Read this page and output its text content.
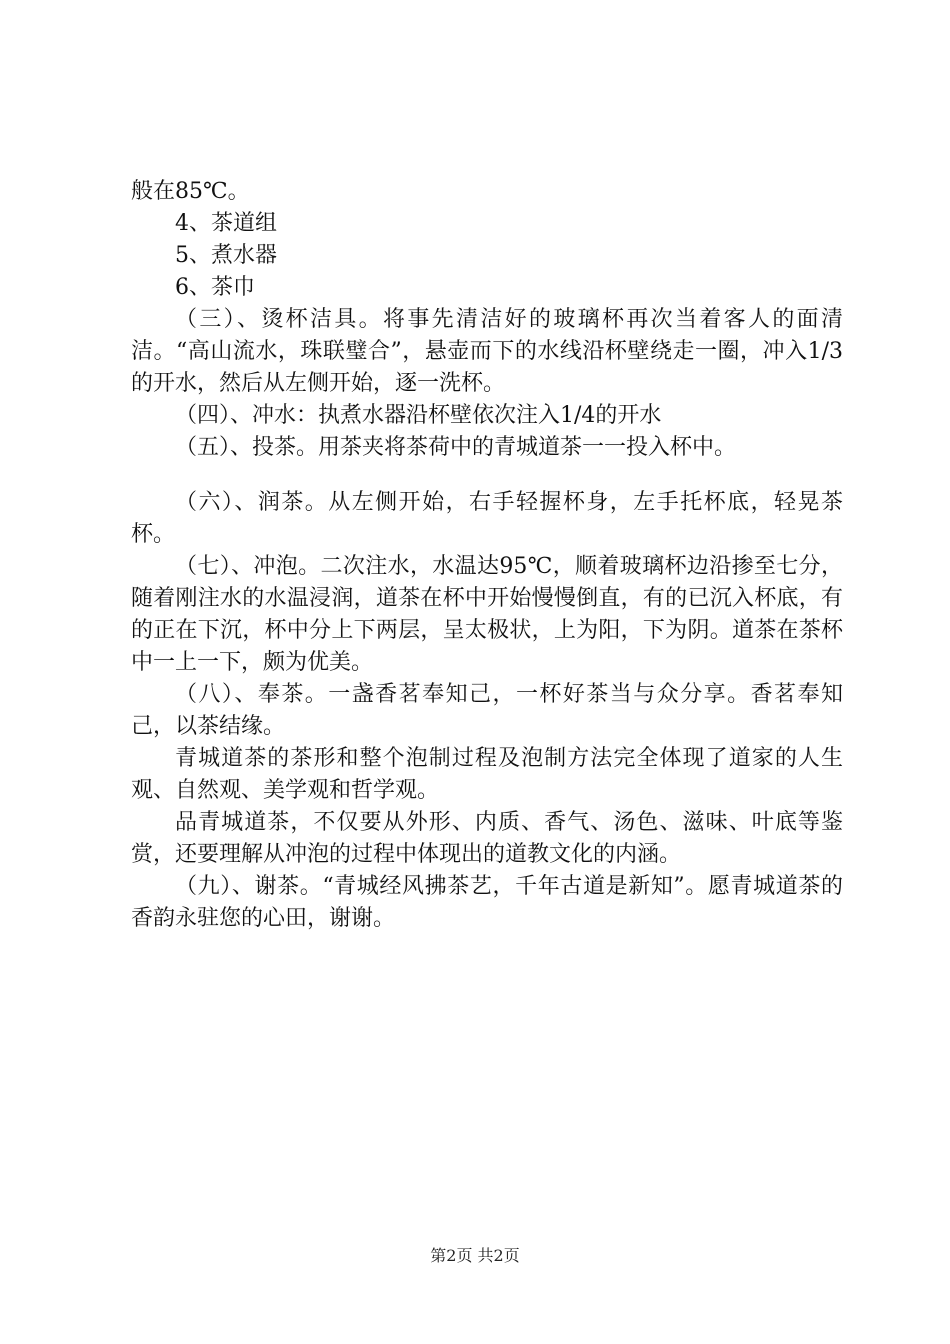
般在85℃。

4、茶道组

5、煮水器

6、茶巾

（三）、烫杯洁具。将事先清洁好的玻璃杯再次当着客人的面清洁。“高山流水，珠联璧合”，悬壶而下的水线沿杯壁绕走一圈，冲入1/3的开水，然后从左侧开始，逐一洗杯。

（四）、冲水：执煮水器沿杯壁依次注入1/4的开水

（五）、投茶。用茶夹将茶荷中的青城道茶一一投入杯中。

（六）、润茶。从左侧开始，右手轻握杯身，左手托杯底，轻晃茶杯。

（七）、冲泡。二次注水，水温达95℃，顺着玻璃杯边沿掺至七分，随着刚注水的水温浸润，道茶在杯中开始慢慢倒直，有的已沉入杯底，有的正在下沉，杯中分上下两层，呈太极状，上为阳，下为阴。道茶在茶杯中一上一下，颇为优美。

（八）、奉茶。一盏香茗奉知己，一杯好茶当与众分享。香茗奉知己，以茶结缘。

青城道茶的茶形和整个泡制过程及泡制方法完全体现了道家的人生观、自然观、美学观和哲学观。

品青城道茶，不仅要从外形、内质、香气、汤色、滋味、叶底等鉴赏，还要理解从冲泡的过程中体现出的道教文化的内涵。

（九）、谢茶。“青城经风拂茶艺，千年古道是新知”。愿青城道茶的香韵永驻您的心田，谢谢。

第2页 共2页
